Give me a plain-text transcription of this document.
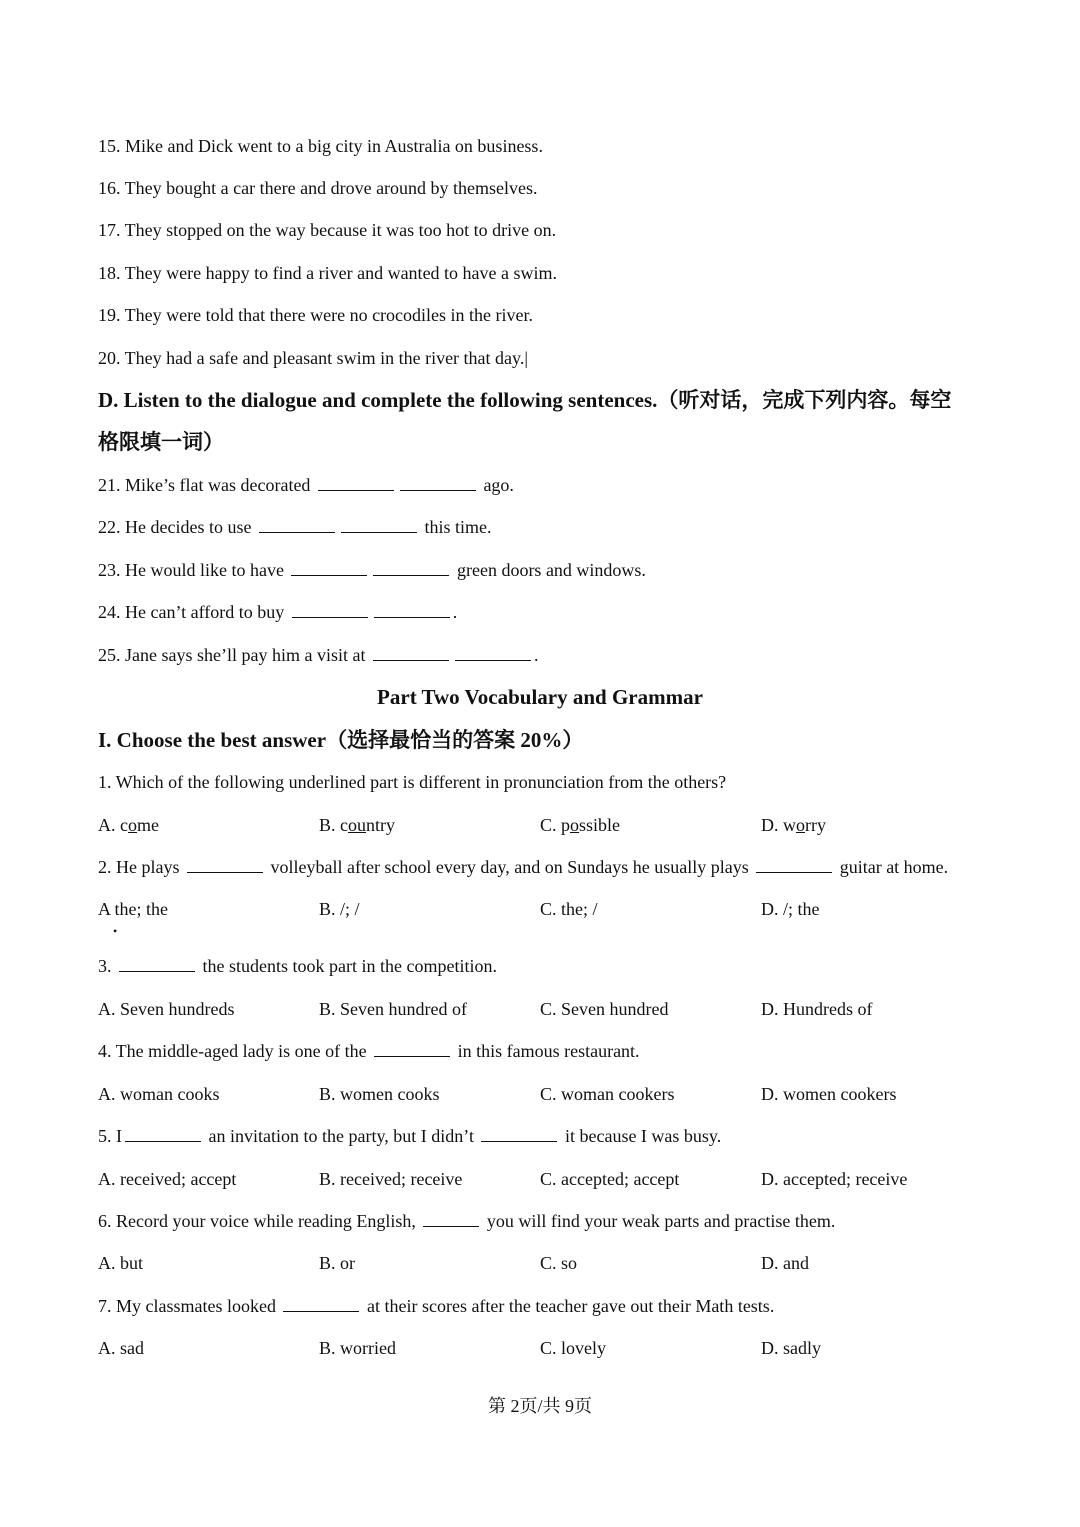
15. Mike and Dick went to a big city in Australia on business.
16. They bought a car there and drove around by themselves.
17. They stopped on the way because it was too hot to drive on.
18. They were happy to find a river and wanted to have a swim.
19. They were told that there were no crocodiles in the river.
20. They had a safe and pleasant swim in the river that day.|
D. Listen to the dialogue and complete the following sentences.（听对话，完成下列内容。每空
格限填一词）
21. Mike’s flat was decorated	ago.
22. He decides to use	this time.
23. He would like to have	green doors and windows.
24. He can’t afford to buy	.
25. Jane says she’ll pay him a visit at	.
Part Two Vocabulary and Grammar
I. Choose the best answer（选择最恰当的答案 20%）
1. Which of the following underlined part is different in pronunciation from the others?
A. come	B. country	C. possible	D. worry
2. He plays	volleyball after school every day, and on Sundays he usually plays	guitar at home.
A the; the
•
B. /; /	C. the; /	D. /; the
3.	the students took part in the competition.
A. Seven hundreds	B. Seven hundred of	C. Seven hundred	D. Hundreds of
4. The middle-aged lady is one of the	in this famous restaurant.
A. woman cooks	B. women cooks	C. woman cookers	D. women cookers
5. I	an invitation to the party, but I didn’t	it because I was busy.
A. received; accept	B. received; receive	C. accepted; accept	D. accepted; receive
6. Record your voice while reading English,	you will find your weak parts and practise them.
A. but	B. or	C. so	D. and
7. My classmates looked	at their scores after the teacher gave out their Math tests.
A. sad	B. worried	C. lovely	D. sadly
第 2页/共 9页
